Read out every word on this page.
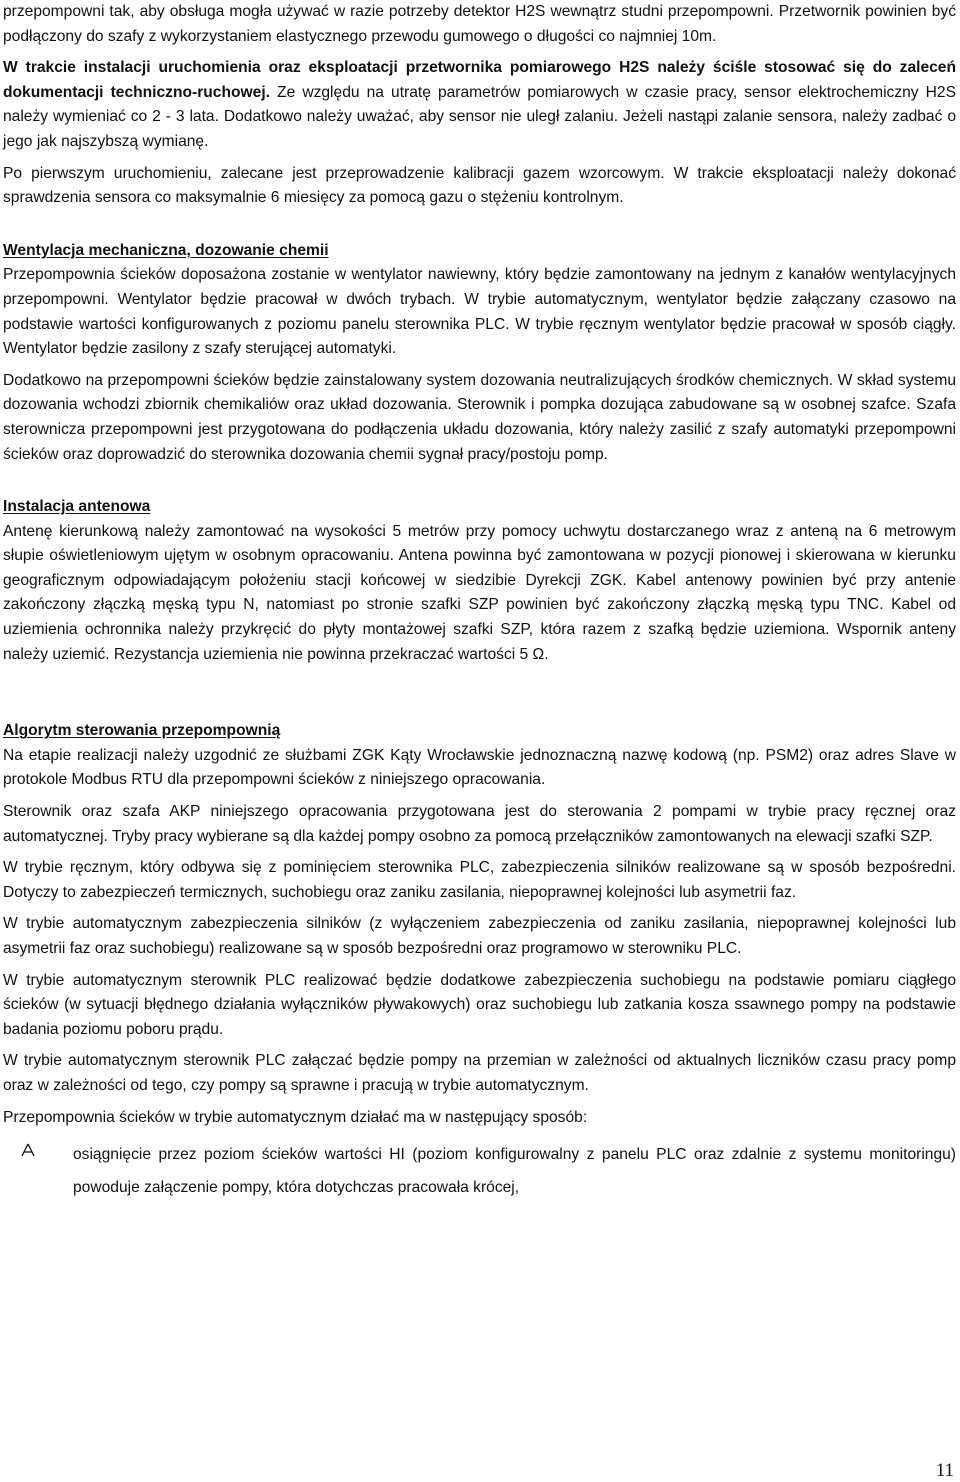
przepompowni tak, aby obsługa mogła używać w razie potrzeby detektor H2S wewnątrz studni przepompowni. Przetwornik powinien być podłączony do szafy z wykorzystaniem elastycznego przewodu gumowego o długości co najmniej 10m.

W trakcie instalacji uruchomienia oraz eksploatacji przetwornika pomiarowego H2S należy ściśle stosować się do zaleceń dokumentacji techniczno-ruchowej. Ze względu na utratę parametrów pomiarowych w czasie pracy, sensor elektrochemiczny H2S należy wymieniać co 2 - 3 lata. Dodatkowo należy uważać, aby sensor nie uległ zalaniu. Jeżeli nastąpi zalanie sensora, należy zadbać o jego jak najszybszą wymianę.

Po pierwszym uruchomieniu, zalecane jest przeprowadzenie kalibracji gazem wzorcowym. W trakcie eksploatacji należy dokonać sprawdzenia sensora co maksymalnie 6 miesięcy za pomocą gazu o stężeniu kontrolnym.

Wentylacja mechaniczna, dozowanie chemii

Przepompownia ścieków doposażona zostanie w wentylator nawiewny, który będzie zamontowany na jednym z kanałów wentylacyjnych przepompowni. Wentylator będzie pracował w dwóch trybach. W trybie automatycznym, wentylator będzie załączany czasowo na podstawie wartości konfigurowanych z poziomu panelu sterownika PLC. W trybie ręcznym wentylator będzie pracował w sposób ciągły. Wentylator będzie zasilony z szafy sterującej automatyki.

Dodatkowo na przepompowni ścieków będzie zainstalowany system dozowania neutralizujących środków chemicznych. W skład systemu dozowania wchodzi zbiornik chemikaliów oraz układ dozowania. Sterownik i pompka dozująca zabudowane są w osobnej szafce. Szafa sterownicza przepompowni jest przygotowana do podłączenia układu dozowania, który należy zasilić z szafy automatyki przepompowni ścieków oraz doprowadzić do sterownika dozowania chemii sygnał pracy/postoju pomp.

Instalacja antenowa

Antenę kierunkową należy zamontować na wysokości 5 metrów przy pomocy uchwytu dostarczanego wraz z anteną na 6 metrowym słupie oświetleniowym ujętym w osobnym opracowaniu. Antena powinna być zamontowana w pozycji pionowej i skierowana w kierunku geograficznym odpowiadającym położeniu stacji końcowej w siedzibie Dyrekcji ZGK. Kabel antenowy powinien być przy antenie zakończony złączką męską typu N, natomiast po stronie szafki SZP powinien być zakończony złączką męską typu TNC. Kabel od uziemienia ochronnika należy przykręcić do płyty montażowej szafki SZP, która razem z szafką będzie uziemiona. Wspornik anteny należy uziemić. Rezystancja uziemienia nie powinna przekraczać wartości 5 Ω.

Algorytm sterowania przepompownią

Na etapie realizacji należy uzgodnić ze służbami ZGK Kąty Wrocławskie jednoznaczną nazwę kodową (np. PSM2) oraz adres Slave w protokole Modbus RTU dla przepompowni ścieków z niniejszego opracowania.

Sterownik oraz szafa AKP niniejszego opracowania przygotowana jest do sterowania 2 pompami w trybie pracy ręcznej oraz automatycznej. Tryby pracy wybierane są dla każdej pompy osobno za pomocą przełączników zamontowanych na elewacji szafki SZP.

W trybie ręcznym, który odbywa się z pominięciem sterownika PLC, zabezpieczenia silników realizowane są w sposób bezpośredni. Dotyczy to zabezpieczeń termicznych, suchobiegu oraz zaniku zasilania, niepoprawnej kolejności lub asymetrii faz.

W trybie automatycznym zabezpieczenia silników (z wyłączeniem zabezpieczenia od zaniku zasilania, niepoprawnej kolejności lub asymetrii faz oraz suchobiegu) realizowane są w sposób bezpośredni oraz programowo w sterowniku PLC.

W trybie automatycznym sterownik PLC realizować będzie dodatkowe zabezpieczenia suchobiegu na podstawie pomiaru ciągłego ścieków (w sytuacji błędnego działania wyłączników pływakowych) oraz suchobiegu lub zatkania kosza ssawnego pompy na podstawie badania poziomu poboru prądu.

W trybie automatycznym sterownik PLC załączać będzie pompy na przemian w zależności od aktualnych liczników czasu pracy pomp oraz w zależności od tego, czy pompy są sprawne i pracują w trybie automatycznym.

Przepompownia ścieków w trybie automatycznym działać ma w następujący sposób:

osiągnięcie przez poziom ścieków wartości HI (poziom konfigurowalny z panelu PLC oraz zdalnie z systemu monitoringu) powoduje załączenie pompy, która dotychczas pracowała krócej,
11
